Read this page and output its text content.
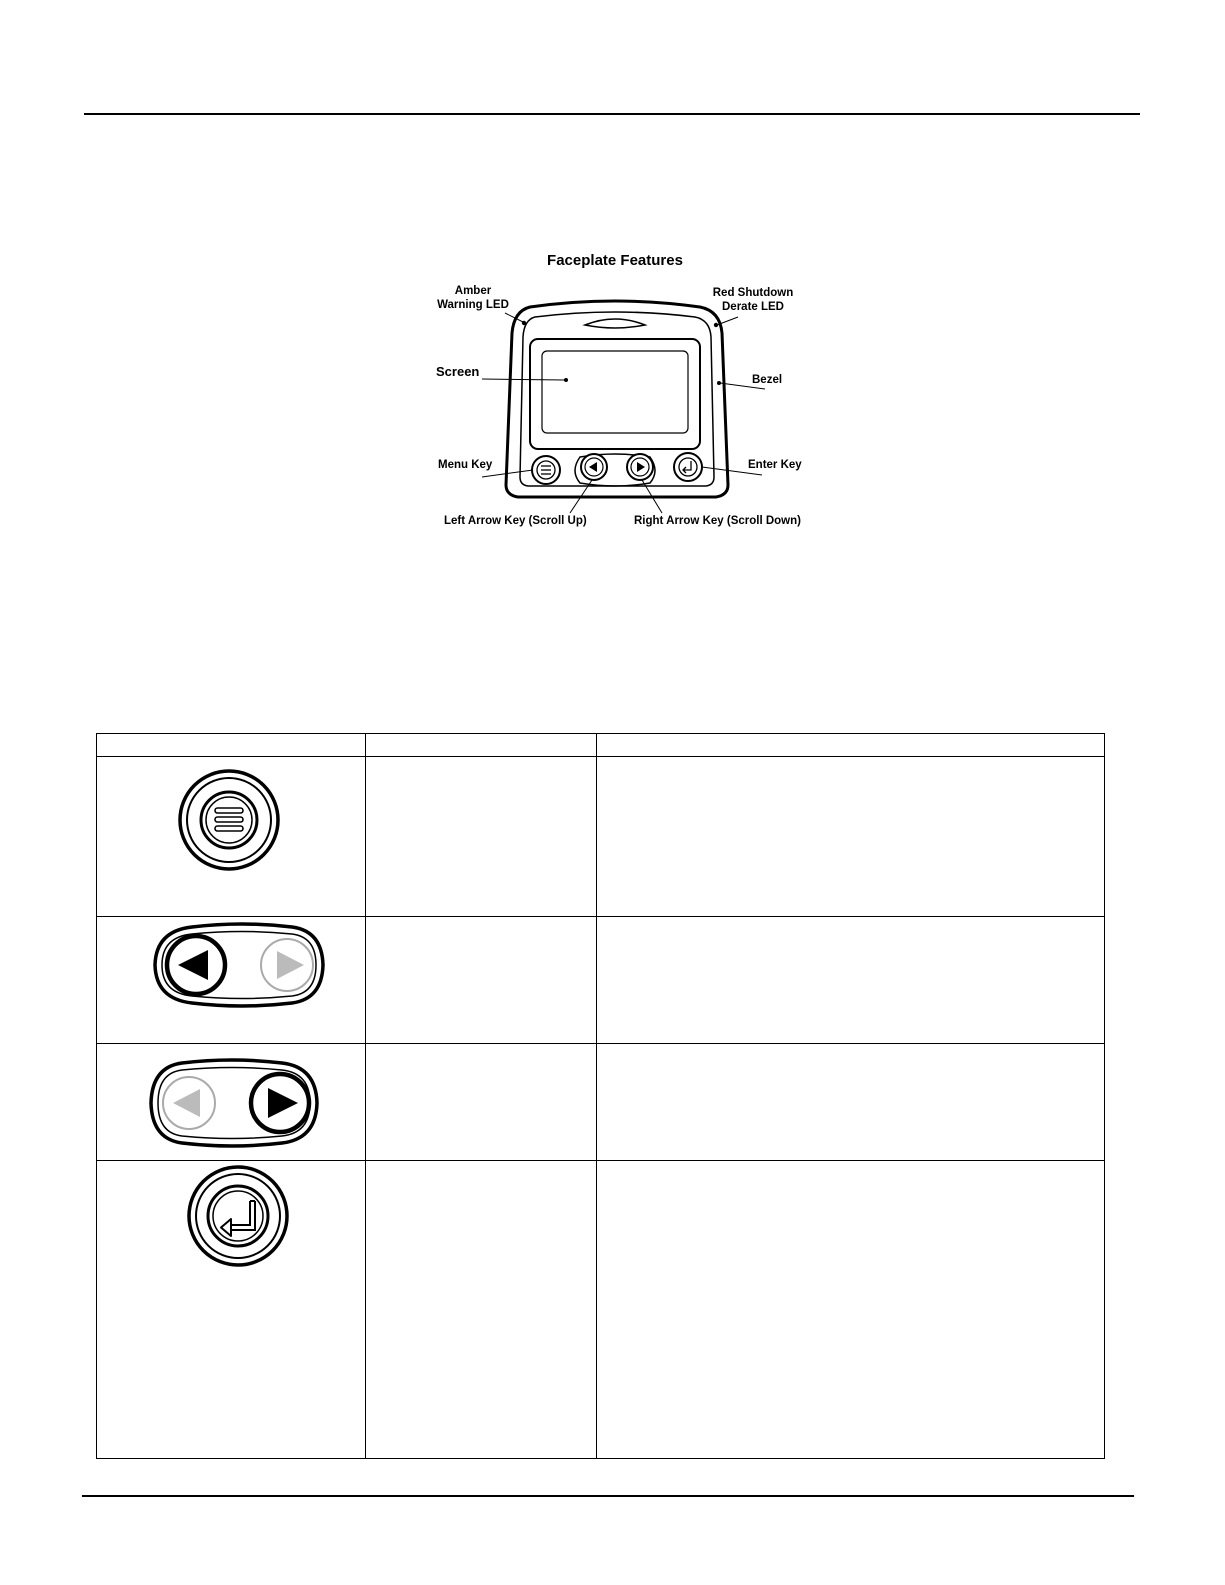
Faceplate Features
Amber
Warning LED
Red Shutdown
Derate LED
Screen
Bezel
Menu Key	Enter Key
Left Arrow Key (Scroll Up)	Right Arrow Key (Scroll Down)
